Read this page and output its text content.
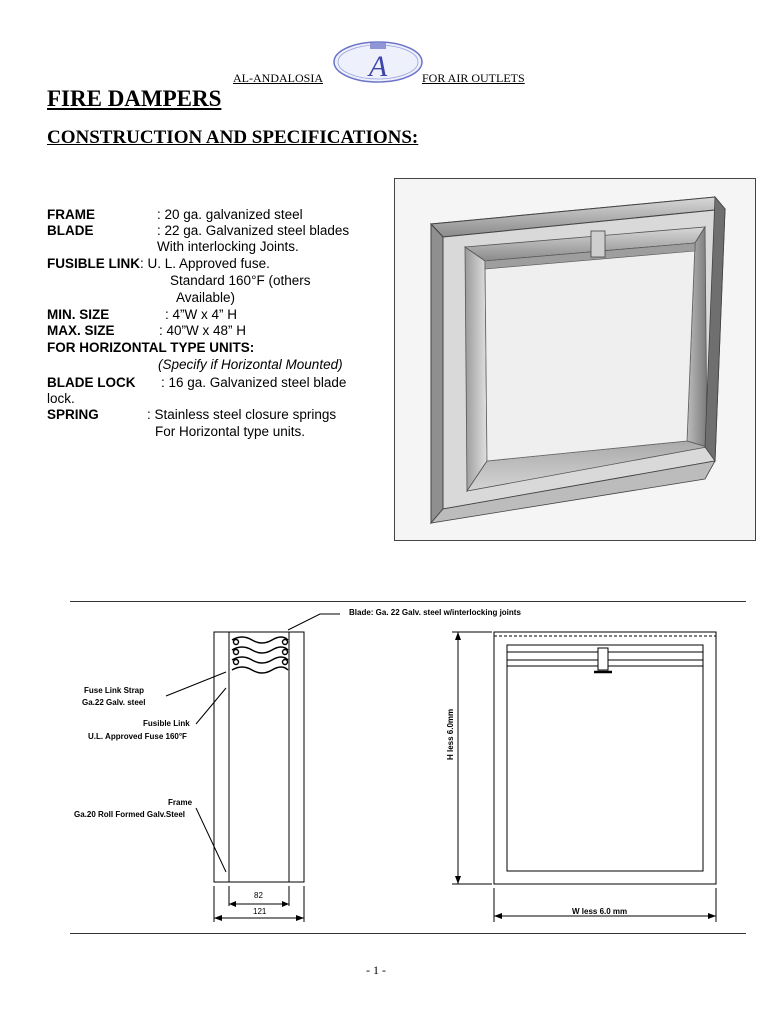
AL-ANDALOSIA A	FOR AIR OUTLETS
FIRE DAMPERS
CONSTRUCTION AND SPECIFICATIONS:
FRAME	: 20 ga. galvanized steel
BLADE	: 22 ga. Galvanized steel blades
With interlocking Joints.
FUSIBLE LINK: U. L. Approved fuse.
Standard 160°F (others
Available)
MIN. SIZE	: 4”W x 4” H
MAX. SIZE	: 40”W x 48” H
FOR HORIZONTAL TYPE UNITS:
(Specify if Horizontal Mounted)
BLADE LOCK : 16 ga. Galvanized steel blade
lock.
SPRING	: Stainless steel closure springs
For Horizontal type units.
Blade: Ga. 22 Galv. steel w/interlocking joints
Fuse Link Strap
Ga.22 Galv. steel
Fusible Link
U.L. Approved Fuse 160°F
Frame
Ga.20 Roll Formed Galv.Steel
82
121
H less 6.0mm
W less 6.0 mm
- 1 -
